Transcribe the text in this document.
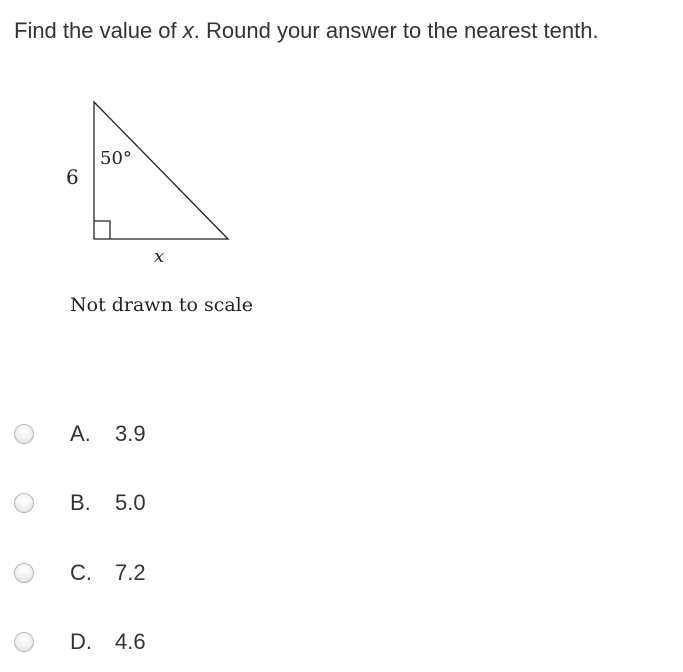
Find the value of x. Round your answer to the nearest tenth.
50°
6
x
Not drawn to scale
A.	3.9
B.	5.0
C.	7.2
D.	4.6
